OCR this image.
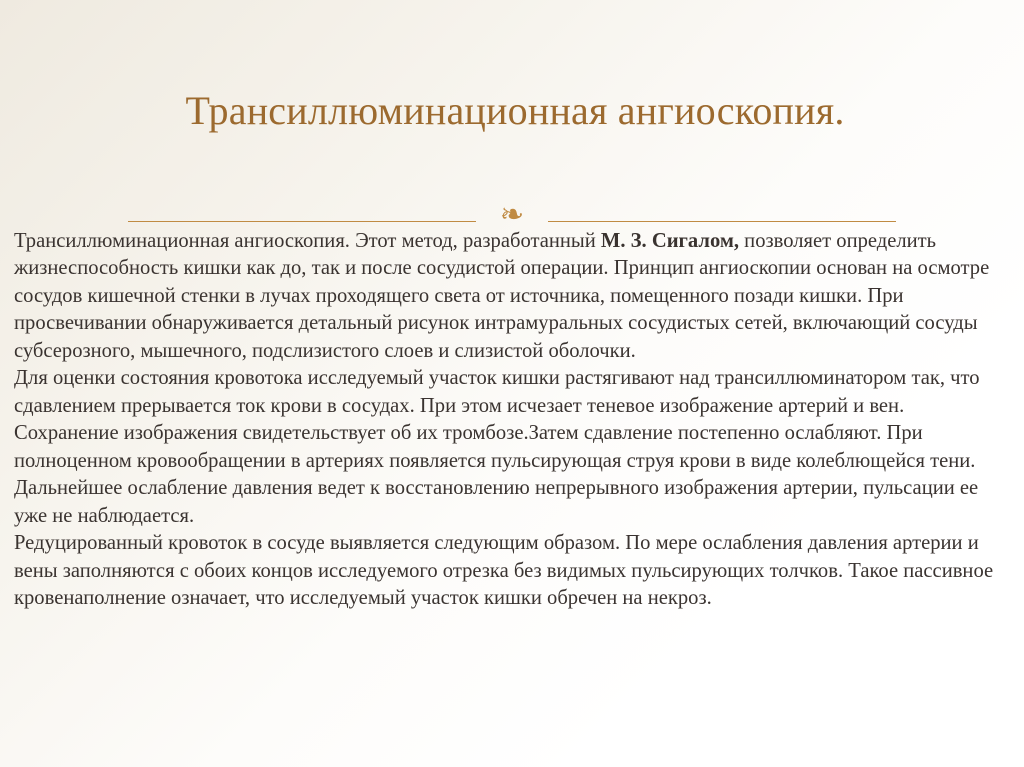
Трансиллюминационная ангиоскопия.
❧

Трансиллюминационная ангиоскопия. Этот метод, разработанный М. З. Сигалом, позволяет определить жизнеспособность кишки как до, так и после сосудистой операции. Принцип ангиоскопии основан на осмотре сосудов кишечной стенки в лучах проходящего света от источника, помещенного позади кишки. При просвечивании обнаруживается детальный рисунок интрамуральных сосудистых сетей, включающий сосуды субсерозного, мышечного, подслизистого слоев и слизистой оболочки.

Для оценки состояния кровотока исследуемый участок кишки растягивают над трансиллюминатором так, что сдавлением прерывается ток крови в сосудах. При этом исчезает теневое изображение артерий и вен. Сохранение изображения свидетельствует об их тромбозе.Затем сдавление постепенно ослабляют. При полноценном кровообращении в артериях появляется пульсирующая струя крови в виде колеблющейся тени. Дальнейшее ослабление давления ведет к восстановлению непрерывного изображения артерии, пульсации ее уже не наблюдается.

Редуцированный кровоток в сосуде выявляется следующим образом. По мере ослабления давления артерии и вены заполняются с обоих концов исследуемого отрезка без видимых пульсирующих толчков. Такое пассивное кровенаполнение означает, что исследуемый участок кишки обречен на некроз.
